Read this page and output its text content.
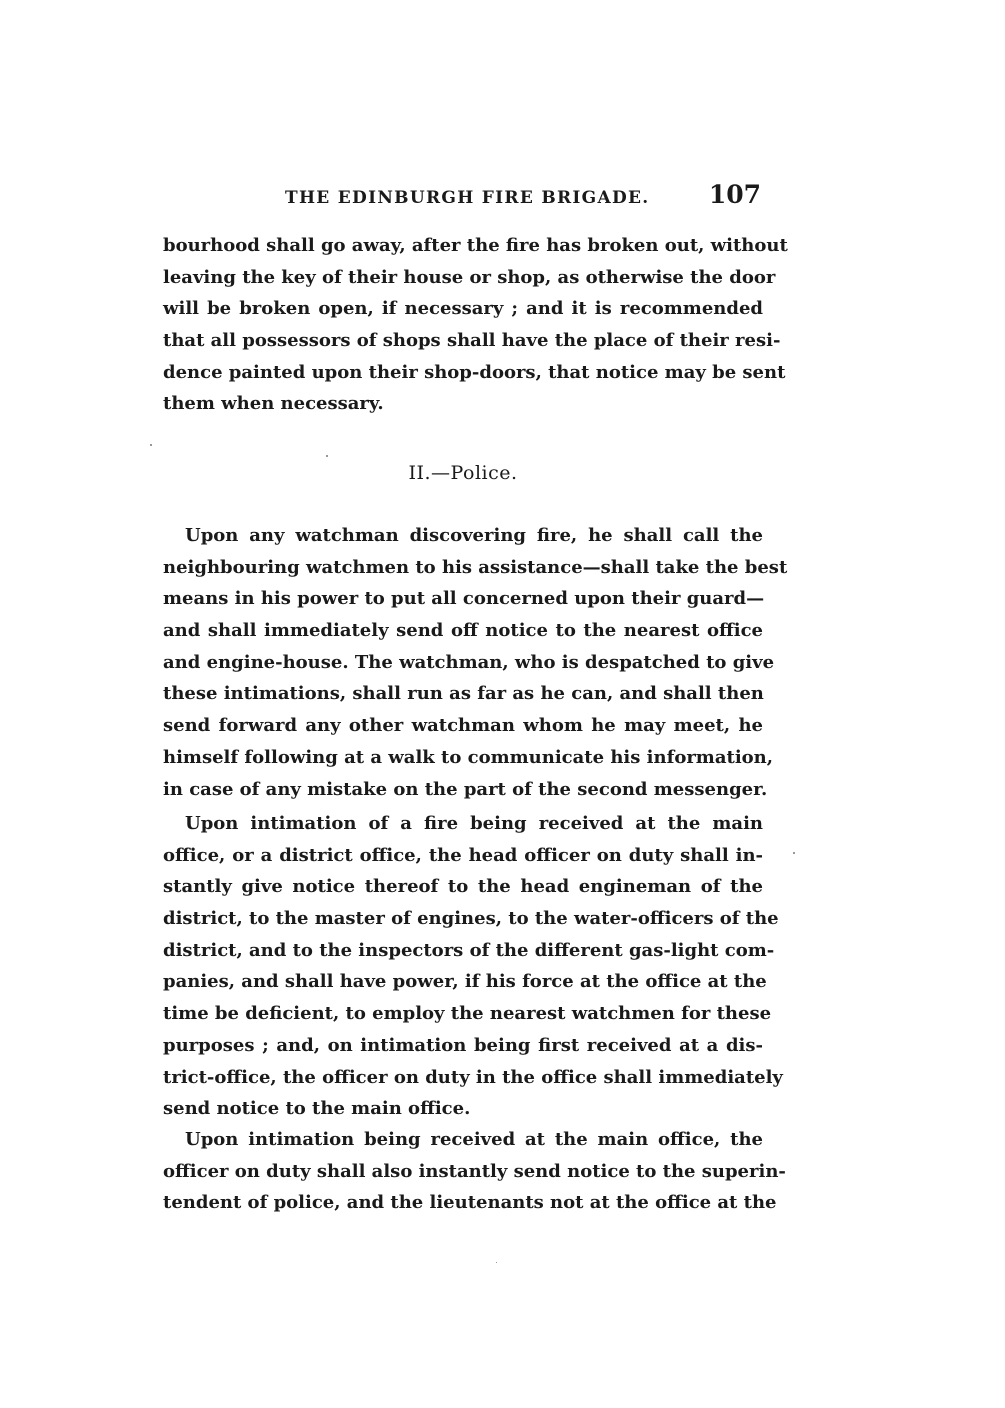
THE EDINBURGH FIRE BRIGADE. 107
bourhood shall go away, after the fire has broken out, without
leaving the key of their house or shop, as otherwise the door
will be broken open, if necessary ; and it is recommended
that all possessors of shops shall have the place of their resi-
dence painted upon their shop-doors, that notice may be sent
them when necessary.
II.—Police.
Upon any watchman discovering fire, he shall call the
neighbouring watchmen to his assistance—shall take the best
means in his power to put all concerned upon their guard—
and shall immediately send off notice to the nearest office
and engine-house. The watchman, who is despatched to give
these intimations, shall run as far as he can, and shall then
send forward any other watchman whom he may meet, he
himself following at a walk to communicate his information,
in case of any mistake on the part of the second messenger.
Upon intimation of a fire being received at the main
office, or a district office, the head officer on duty shall in-
stantly give notice thereof to the head engineman of the
district, to the master of engines, to the water-officers of the
district, and to the inspectors of the different gas-light com-
panies, and shall have power, if his force at the office at the
time be deficient, to employ the nearest watchmen for these
purposes ; and, on intimation being first received at a dis-
trict-office, the officer on duty in the office shall immediately
send notice to the main office.
Upon intimation being received at the main office, the
officer on duty shall also instantly send notice to the superin-
tendent of police, and the lieutenants not at the office at the
